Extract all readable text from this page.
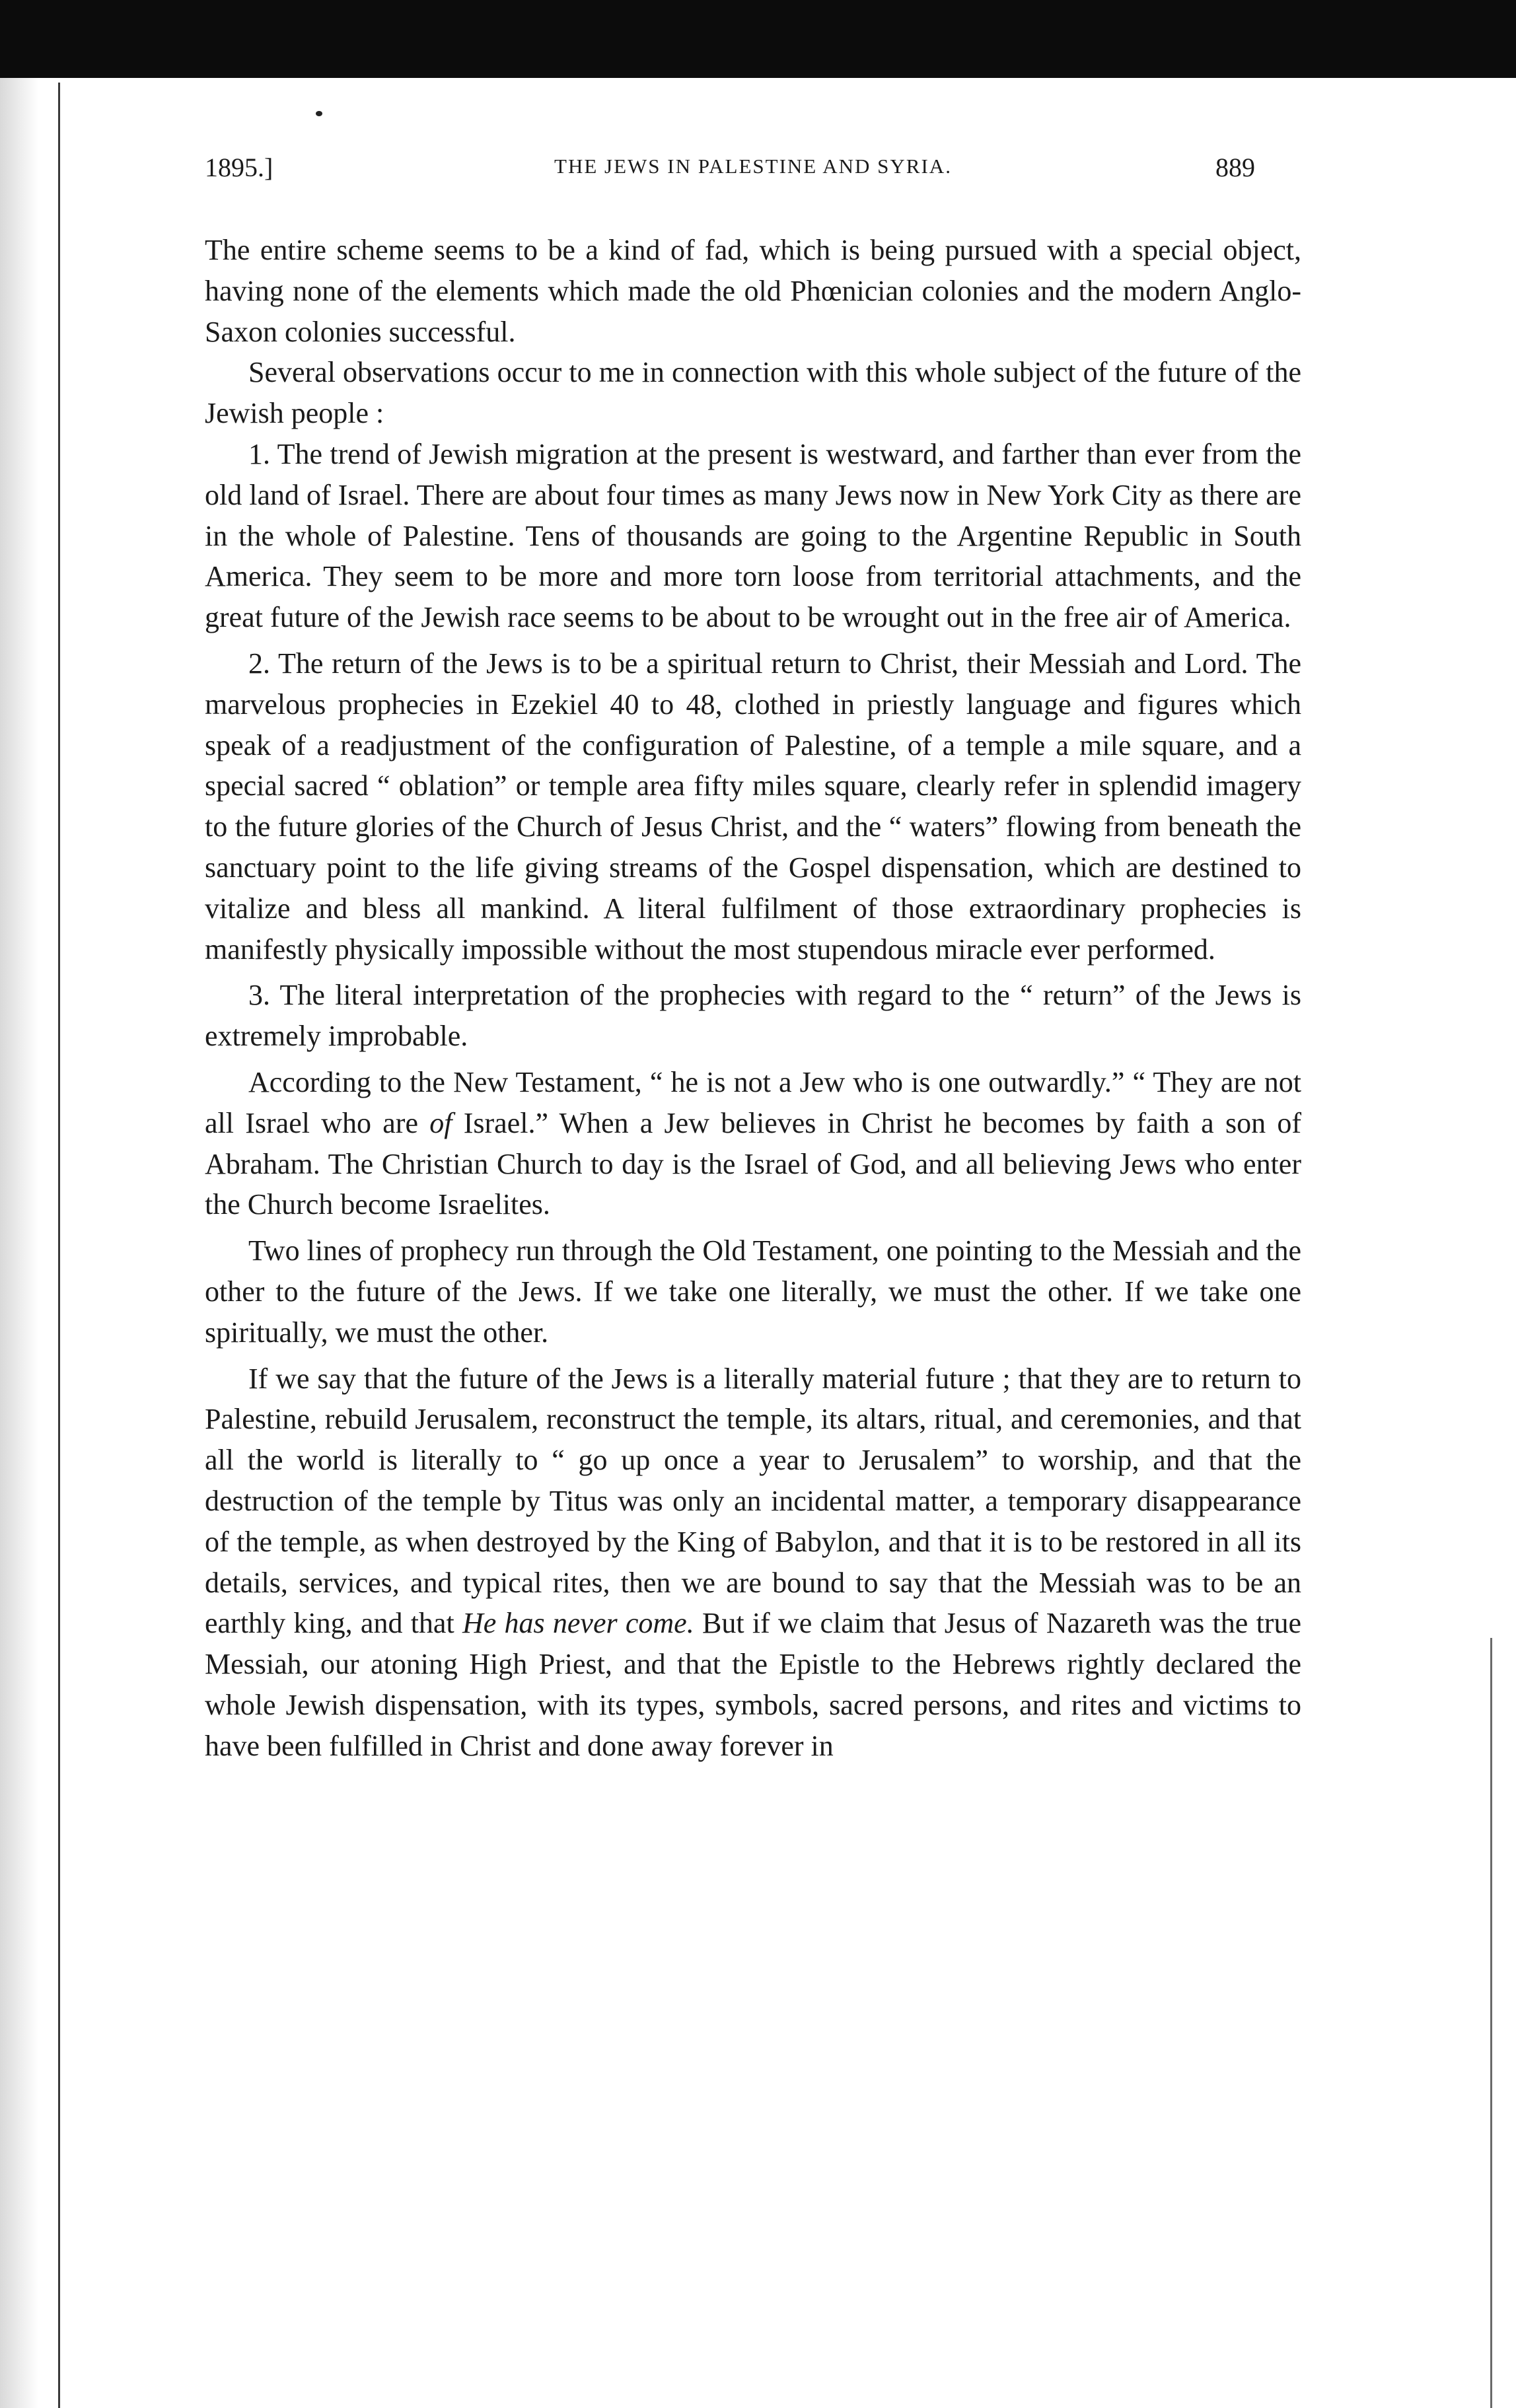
1895.]	THE JEWS IN PALESTINE AND SYRIA.	889

The entire scheme seems to be a kind of fad, which is being pursued with a special object, having none of the elements which made the old Phœnician colonies and the modern Anglo-Saxon colonies successful.

Several observations occur to me in connection with this whole subject of the future of the Jewish people :

1. The trend of Jewish migration at the present is westward, and farther than ever from the old land of Israel. There are about four times as many Jews now in New York City as there are in the whole of Palestine. Tens of thousands are going to the Argentine Republic in South America. They seem to be more and more torn loose from territorial attachments, and the great future of the Jewish race seems to be about to be wrought out in the free air of America.

2. The return of the Jews is to be a spiritual return to Christ, their Messiah and Lord. The marvelous prophecies in Ezekiel 40 to 48, clothed in priestly language and figures which speak of a readjustment of the configuration of Palestine, of a temple a mile square, and a special sacred “ oblation” or temple area fifty miles square, clearly refer in splendid imagery to the future glories of the Church of Jesus Christ, and the “ waters” flowing from beneath the sanctuary point to the life giving streams of the Gospel dispensation, which are destined to vitalize and bless all mankind. A literal fulfilment of those extraordinary prophecies is manifestly physically impossible without the most stupendous miracle ever performed.

3. The literal interpretation of the prophecies with regard to the “ return” of the Jews is extremely improbable.

According to the New Testament, “ he is not a Jew who is one outwardly.” “ They are not all Israel who are of Israel.” When a Jew believes in Christ he becomes by faith a son of Abraham. The Christian Church to day is the Israel of God, and all believing Jews who enter the Church become Israelites.

Two lines of prophecy run through the Old Testament, one pointing to the Messiah and the other to the future of the Jews. If we take one literally, we must the other. If we take one spiritually, we must the other.

If we say that the future of the Jews is a literally material future ; that they are to return to Palestine, rebuild Jerusalem, reconstruct the temple, its altars, ritual, and ceremonies, and that all the world is literally to “ go up once a year to Jerusalem” to worship, and that the destruction of the temple by Titus was only an incidental matter, a temporary disappearance of the temple, as when destroyed by the King of Babylon, and that it is to be restored in all its details, services, and typical rites, then we are bound to say that the Messiah was to be an earthly king, and that He has never come. But if we claim that Jesus of Nazareth was the true Messiah, our atoning High Priest, and that the Epistle to the Hebrews rightly declared the whole Jewish dispensation, with its types, symbols, sacred persons, and rites and victims to have been fulfilled in Christ and done away forever in
